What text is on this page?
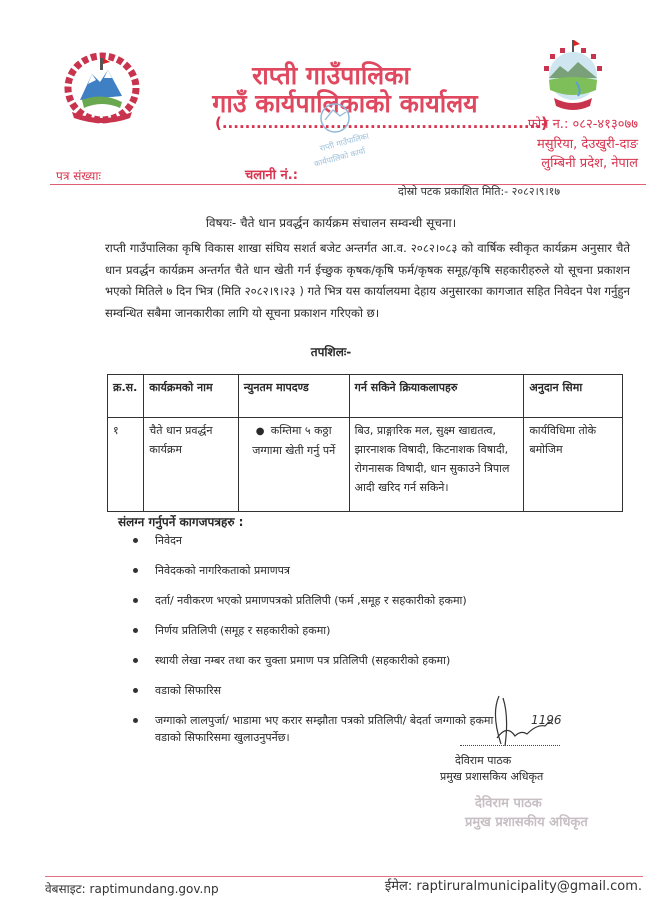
राप्ती गाउँपालिका
गाउँ कार्यपालिकाको कार्यालय
(........................................................)
राप्ती गाउँपालिका
कार्यपालिको कार्या
फोन न.: ०८२-४१३०७७
मसुरिया, देउखुरी-दाङ
लुम्बिनी प्रदेश, नेपाल
पत्र संख्याः	चलानी नं.:
दोस्रो पटक प्रकाशित मिति:- २०८२।९।१७
विषयः- चैते धान प्रवर्द्धन कार्यक्रम संचालन सम्वन्धी सूचना।
राप्ती गाउँपालिका कृषि विकास शाखा संघिय सशर्त बजेट अन्तर्गत आ.व. २०८२।०८३ को वार्षिक स्वीकृत कार्यक्रम अनुसार चैते धान प्रवर्द्धन कार्यक्रम अन्तर्गत चैते धान खेती गर्न ईच्छुक कृषक/कृषि फर्म/कृषक समूह/कृषि सहकारीहरुले यो सूचना प्रकाशन भएको मितिले ७ दिन भित्र (मिति २०८२।९।२३ ) गते भित्र यस कार्यालयमा देहाय अनुसारका कागजात सहित निवेदन पेश गर्नुहुन सम्वन्धित सबैमा जानकारीका लागि यो सूचना प्रकाशन गरिएको छ।
तपशिलः-
क्र.स.	कार्यक्रमको नाम	न्युनतम मापदण्ड	गर्न सकिने क्रियाकलापहरु	अनुदान सिमा
१	चैते धान प्रवर्द्धन कार्यक्रम	●  कम्तिमा ५ कठ्ठा जग्गामा खेती गर्नु पर्ने	बिउ, प्राङ्गारिक मल, सुक्ष्म खाद्यतत्व, झारनाशक विषादी, किटनाशक विषादी, रोगनासक विषादी, धान सुकाउने त्रिपाल आदी खरिद गर्न सकिने।	कार्यविधिमा तोके बमोजिम
संलग्न गर्नुपर्ने कागजपत्रहरु :
निवेदन
निवेदकको नागरिकताको प्रमाणपत्र
दर्ता/ नवीकरण भएको प्रमाणपत्रको प्रतिलिपी (फर्म ,समूह र सहकारीको हकमा)
निर्णय प्रतिलिपी (समूह र सहकारीको हकमा)
स्थायी लेखा नम्बर तथा कर चुक्ता प्रमाण पत्र प्रतिलिपी (सहकारीको हकमा)
वडाको सिफारिस
जग्गाको लालपुर्जा/ भाडामा भए करार सम्झौता पत्रको प्रतिलिपी/ बेदर्ता जग्गाको हकमा वडाको सिफारिसमा खुलाउनुपर्नेछ।
1196
देविराम पाठक
प्रमुख प्रशासकिय अधिकृत
देविराम पाठक
प्रमुख प्रशासकीय अधिकृत
वेबसाइट: raptimundang.gov.np	ईमेल: raptiruralmunicipality@gmail.com.
